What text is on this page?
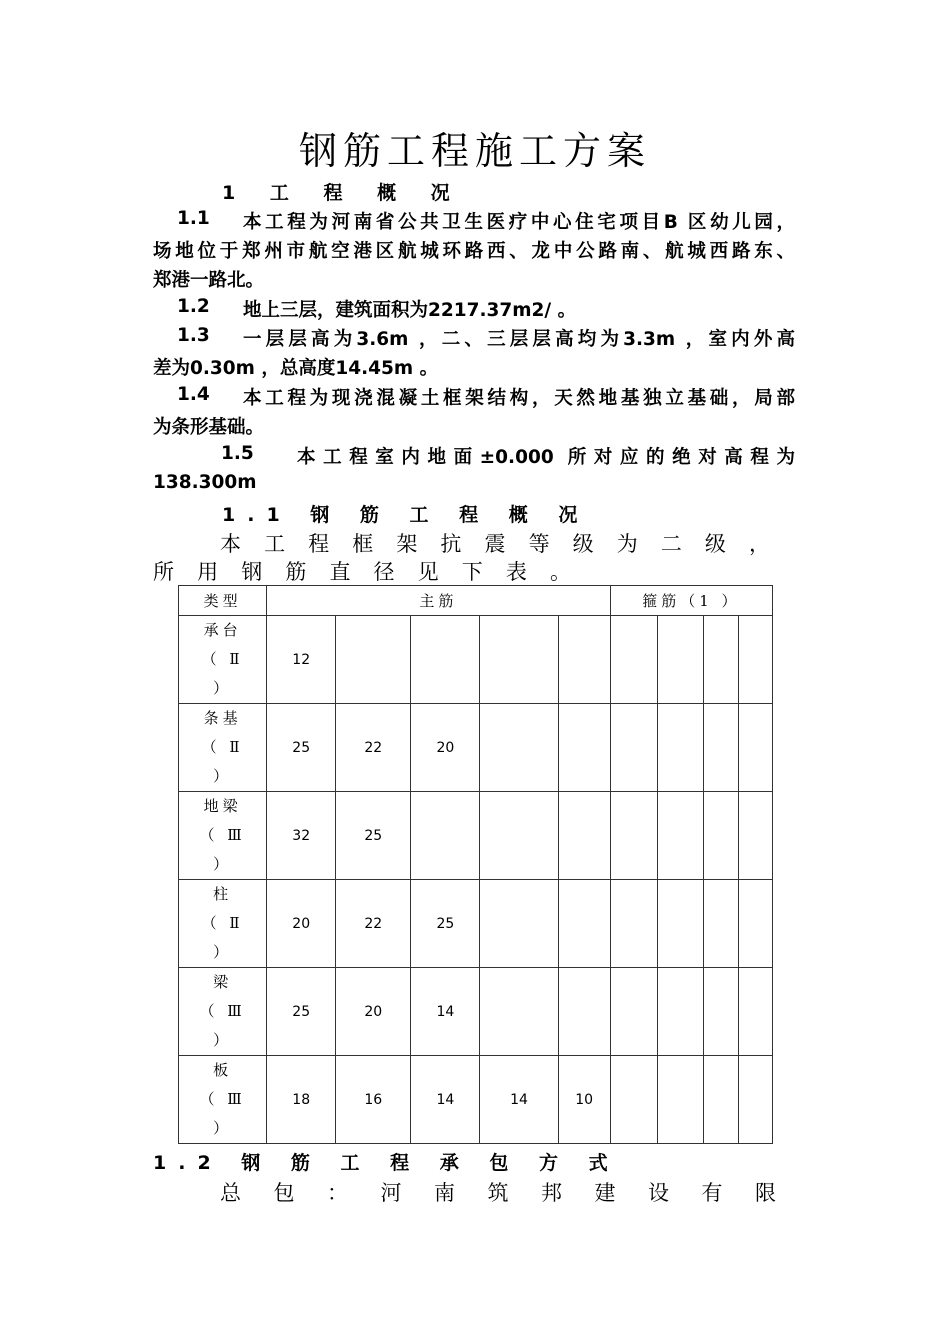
钢筋工程施工方案
1 工 程 概 况
1.1	本工程为河南省公共卫生医疗中心住宅项目B 区幼儿园，
场地位于郑州市航空港区航城环路西、龙中公路南、航城西路东、
郑港一路北。
1.2	地上三层，建筑面积为2217.37m2/ 。
1.3	一层层高为3.6m ，二、三层层高均为3.3m ，室内外高
差为0.30m ，总高度14.45m 。
1.4	本工程为现浇混凝土框架结构，天然地基独立基础，局部
为条形基础。
1.5	本工程室内地面±0.000 所对应的绝对高程为
138.300m
1.1 钢 筋 工 程 概 况
本工程框架抗震等级为二级，
所用钢筋直径见下表。
类型	主筋					箍筋（1 ）			

承台
（ Ⅱ
）	12								

条基
（ Ⅱ
）	25	22	20						

地梁
（ Ⅲ
）	32	25							

柱
（ Ⅱ
）	20	22	25						

梁
（ Ⅲ
）	25	20	14						

板
（ Ⅲ
）	18	16	14	14	10				
1.2 钢 筋 工 程 承 包 方 式
总包：河南筑邦建设有限
